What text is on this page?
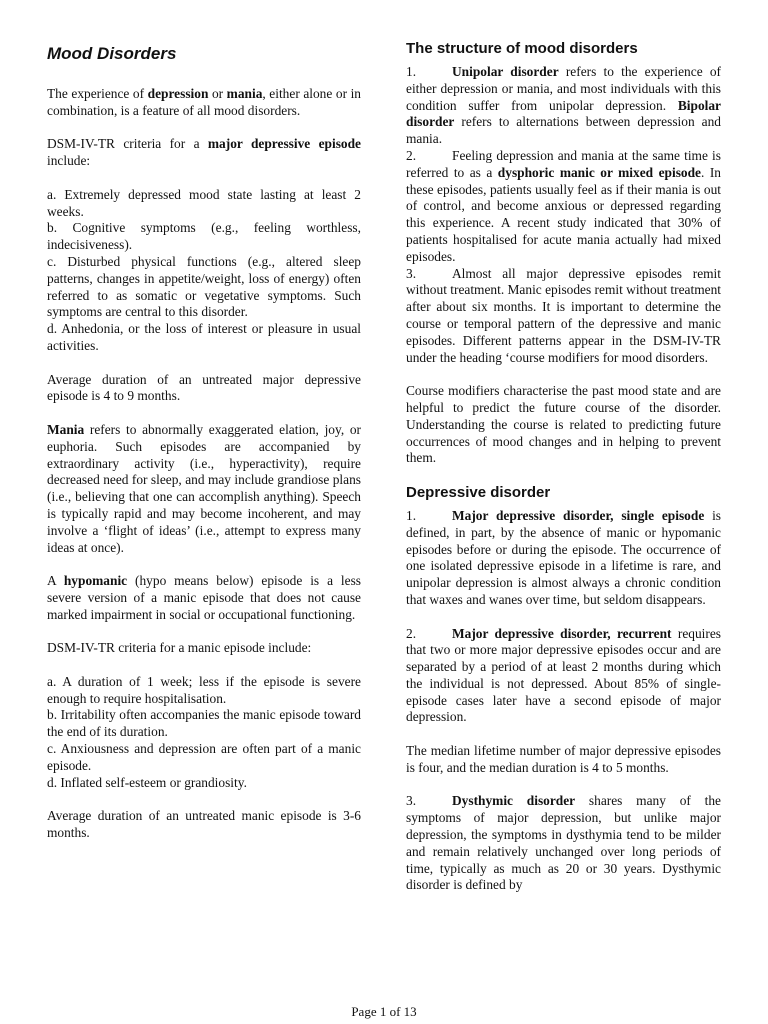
Mood Disorders

The experience of depression or mania, either alone or in combination, is a feature of all mood disorders.

DSM-IV-TR criteria for a major depressive episode include:

a. Extremely depressed mood state lasting at least 2 weeks.

b. Cognitive symptoms (e.g., feeling worthless, indecisiveness).

c. Disturbed physical functions (e.g., altered sleep patterns, changes in appetite/weight, loss of energy) often referred to as somatic or vegetative symptoms. Such symptoms are central to this disorder.

d. Anhedonia, or the loss of interest or pleasure in usual activities.

Average duration of an untreated major depressive episode is 4 to 9 months.

Mania refers to abnormally exaggerated elation, joy, or euphoria. Such episodes are accompanied by extraordinary activity (i.e., hyperactivity), require decreased need for sleep, and may include grandiose plans (i.e., believing that one can accomplish anything). Speech is typically rapid and may become incoherent, and may involve a ‘flight of ideas’ (i.e., attempt to express many ideas at once).

A hypomanic (hypo means below) episode is a less severe version of a manic episode that does not cause marked impairment in social or occupational functioning.

DSM-IV-TR criteria for a manic episode include:

a. A duration of 1 week; less if the episode is severe enough to require hospitalisation.

b. Irritability often accompanies the manic episode toward the end of its duration.

c. Anxiousness and depression are often part of a manic episode.

d. Inflated self-esteem or grandiosity.

Average duration of an untreated manic episode is 3-6 months.

The structure of mood disorders

1.	Unipolar disorder refers to the experience of either depression or mania, and most individuals with this condition suffer from unipolar depression. Bipolar disorder refers to alternations between depression and mania.

2.	Feeling depression and mania at the same time is referred to as a dysphoric manic or mixed episode. In these episodes, patients usually feel as if their mania is out of control, and become anxious or depressed regarding this experience. A recent study indicated that 30% of patients hospitalised for acute mania actually had mixed episodes.

3.	Almost all major depressive episodes remit without treatment. Manic episodes remit without treatment after about six months. It is important to determine the course or temporal pattern of the depressive and manic episodes. Different patterns appear in the DSM-IV-TR under the heading ‘course modifiers for mood disorders.

Course modifiers characterise the past mood state and are helpful to predict the future course of the disorder. Understanding the course is related to predicting future occurrences of mood changes and in helping to prevent them.

Depressive disorder

1.	Major depressive disorder, single episode is defined, in part, by the absence of manic or hypomanic episodes before or during the episode. The occurrence of one isolated depressive episode in a lifetime is rare, and unipolar depression is almost always a chronic condition that waxes and wanes over time, but seldom disappears.

2.	Major depressive disorder, recurrent requires that two or more major depressive episodes occur and are separated by a period of at least 2 months during which the individual is not depressed. About 85% of single-episode cases later have a second episode of major depression.

The median lifetime number of major depressive episodes is four, and the median duration is 4 to 5 months.

3.	Dysthymic disorder shares many of the symptoms of major depression, but unlike major depression, the symptoms in dysthymia tend to be milder and remain relatively unchanged over long periods of time, typically as much as 20 or 30 years. Dysthymic disorder is defined by

Page 1 of 13
